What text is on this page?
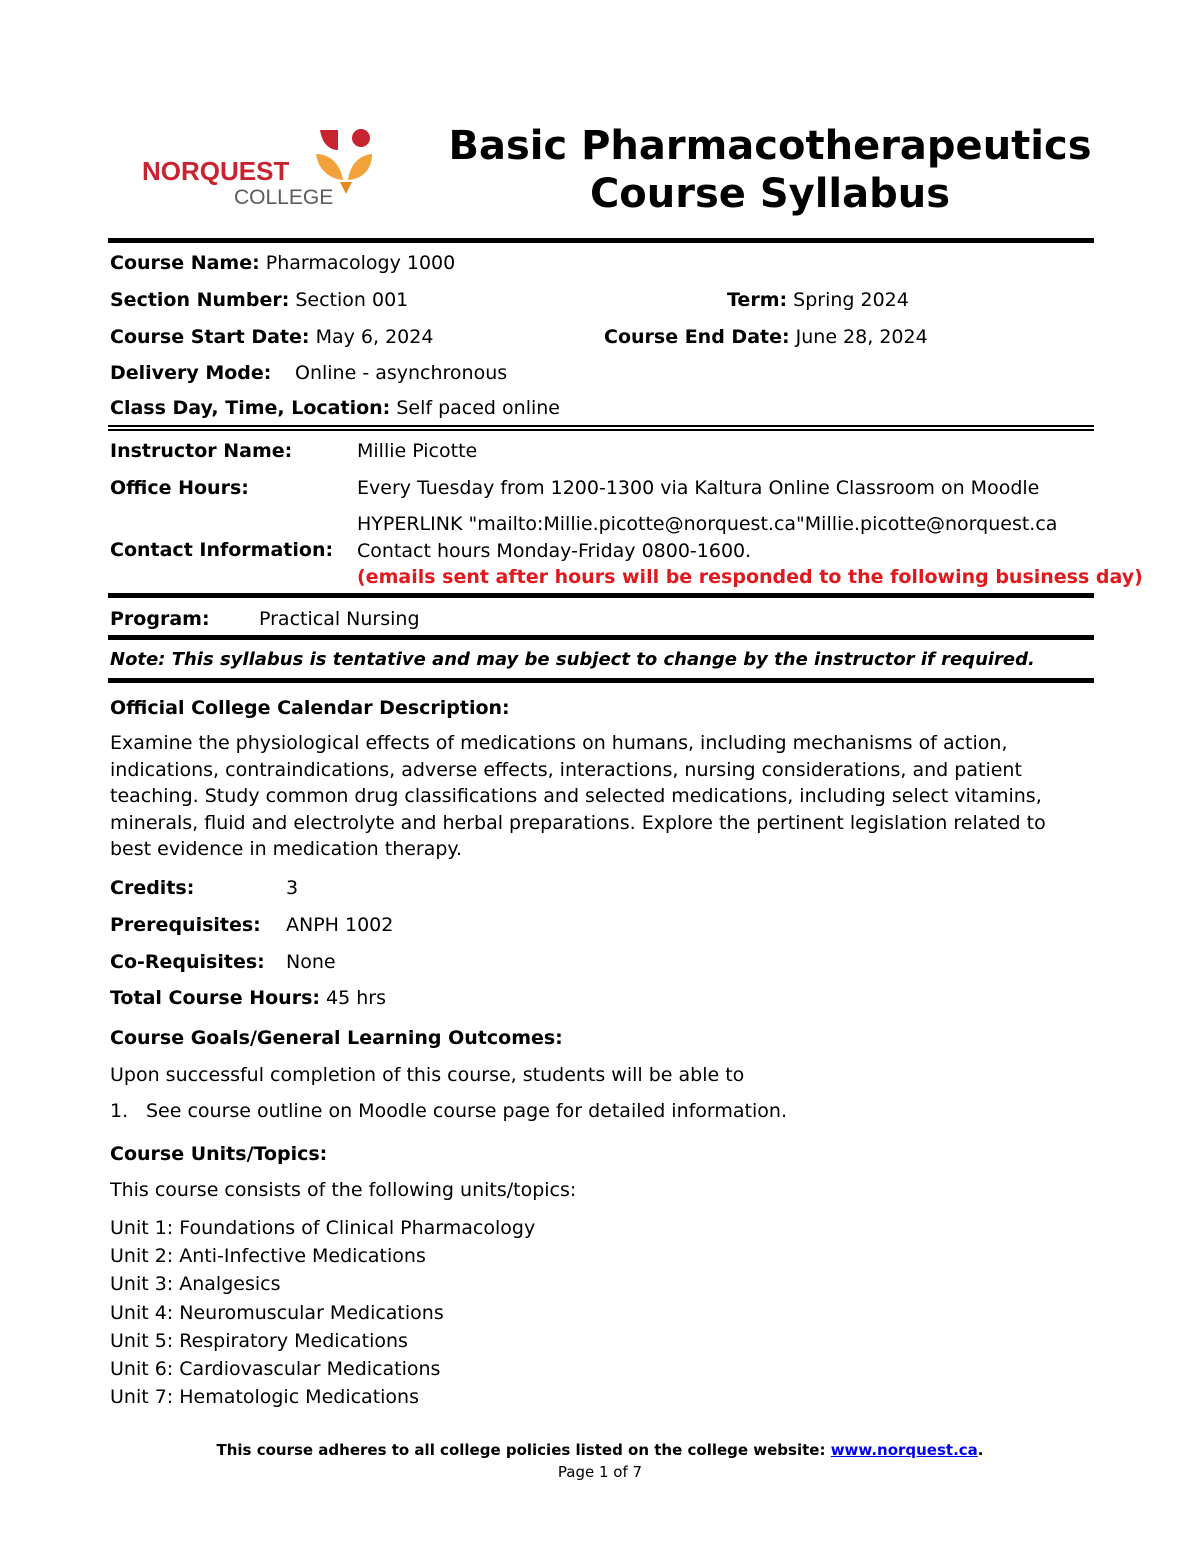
NORQUEST
COLLEGE
Basic Pharmacotherapeutics
Course Syllabus
Course Name: Pharmacology 1000
Section Number: Section 001	Term: Spring 2024
Course Start Date: May 6, 2024	Course End Date: June 28, 2024
Delivery Mode: Online - asynchronous
Class Day, Time, Location: Self paced online
Instructor Name:	Millie Picotte
Office Hours:	Every Tuesday from 1200-1300 via Kaltura Online Classroom on Moodle
Contact Information:
HYPERLINK "mailto:Millie.picotte@norquest.ca"Millie.picotte@norquest.ca
Contact hours Monday-Friday 0800-1600.
(emails sent after hours will be responded to the following business day)
Program:	Practical Nursing
Note: This syllabus is tentative and may be subject to change by the instructor if required.
Official College Calendar Description:
Examine the physiological effects of medications on humans, including mechanisms of action, indications, contraindications, adverse effects, interactions, nursing considerations, and patient teaching. Study common drug classifications and selected medications, including select vitamins, minerals, fluid and electrolyte and herbal preparations. Explore the pertinent legislation related to best evidence in medication therapy.
Credits:	3
Prerequisites: ANPH 1002
Co-Requisites: None
Total Course Hours: 45 hrs
Course Goals/General Learning Outcomes:
Upon successful completion of this course, students will be able to
1. See course outline on Moodle course page for detailed information.
Course Units/Topics:
This course consists of the following units/topics:
Unit 1: Foundations of Clinical Pharmacology
Unit 2: Anti-Infective Medications
Unit 3: Analgesics
Unit 4: Neuromuscular Medications
Unit 5: Respiratory Medications
Unit 6: Cardiovascular Medications
Unit 7: Hematologic Medications
This course adheres to all college policies listed on the college website: www.norquest.ca.
Page 1 of 7
